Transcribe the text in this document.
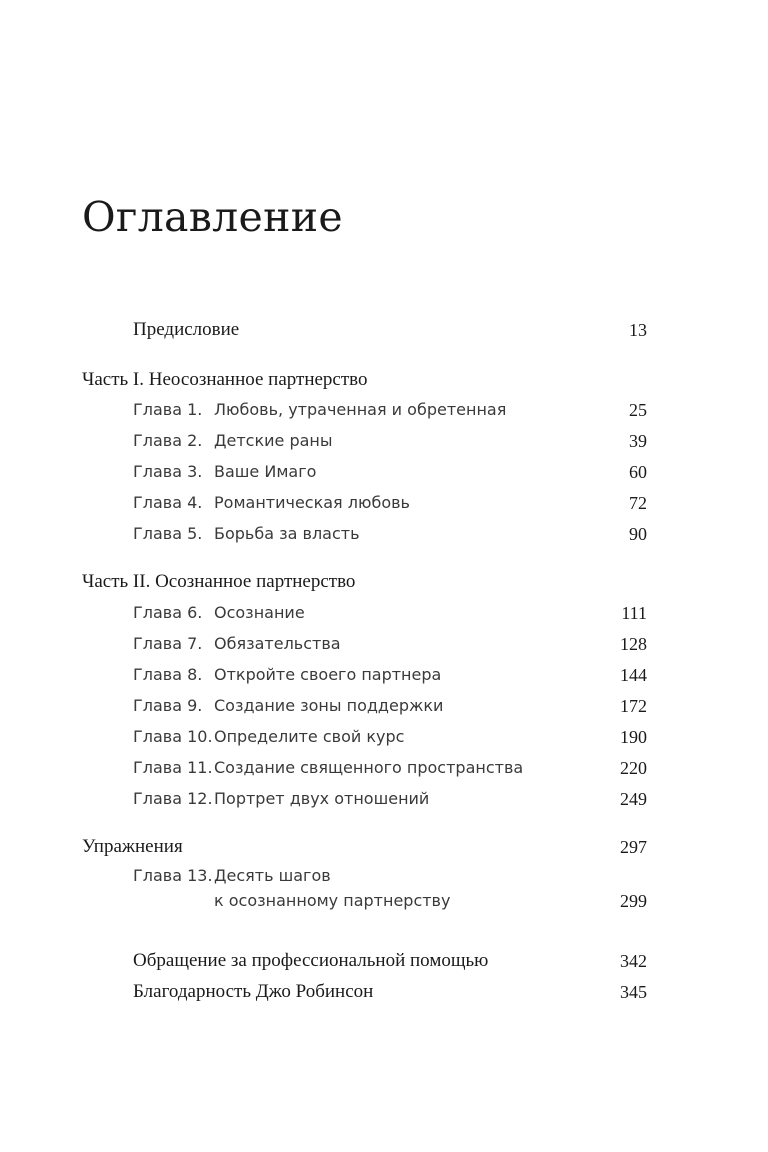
Оглавление
Предисловие	13
Часть I. Неосознанное партнерство
Глава 1. Любовь, утраченная и обретенная	25
Глава 2. Детские раны	39
Глава 3. Ваше Имаго	60
Глава 4. Романтическая любовь	72
Глава 5. Борьба за власть	90
Часть II. Осознанное партнерство
Глава 6. Осознание	111
Глава 7. Обязательства	128
Глава 8. Откройте своего партнера	144
Глава 9. Создание зоны поддержки	172
Глава 10. Определите свой курс	190
Глава 11. Создание священного пространства	220
Глава 12. Портрет двух отношений	249
Упражнения	297
Глава 13. Десять шагов
к осознанному партнерству	299
Обращение за профессиональной помощью	342
Благодарность Джо Робинсон	345
